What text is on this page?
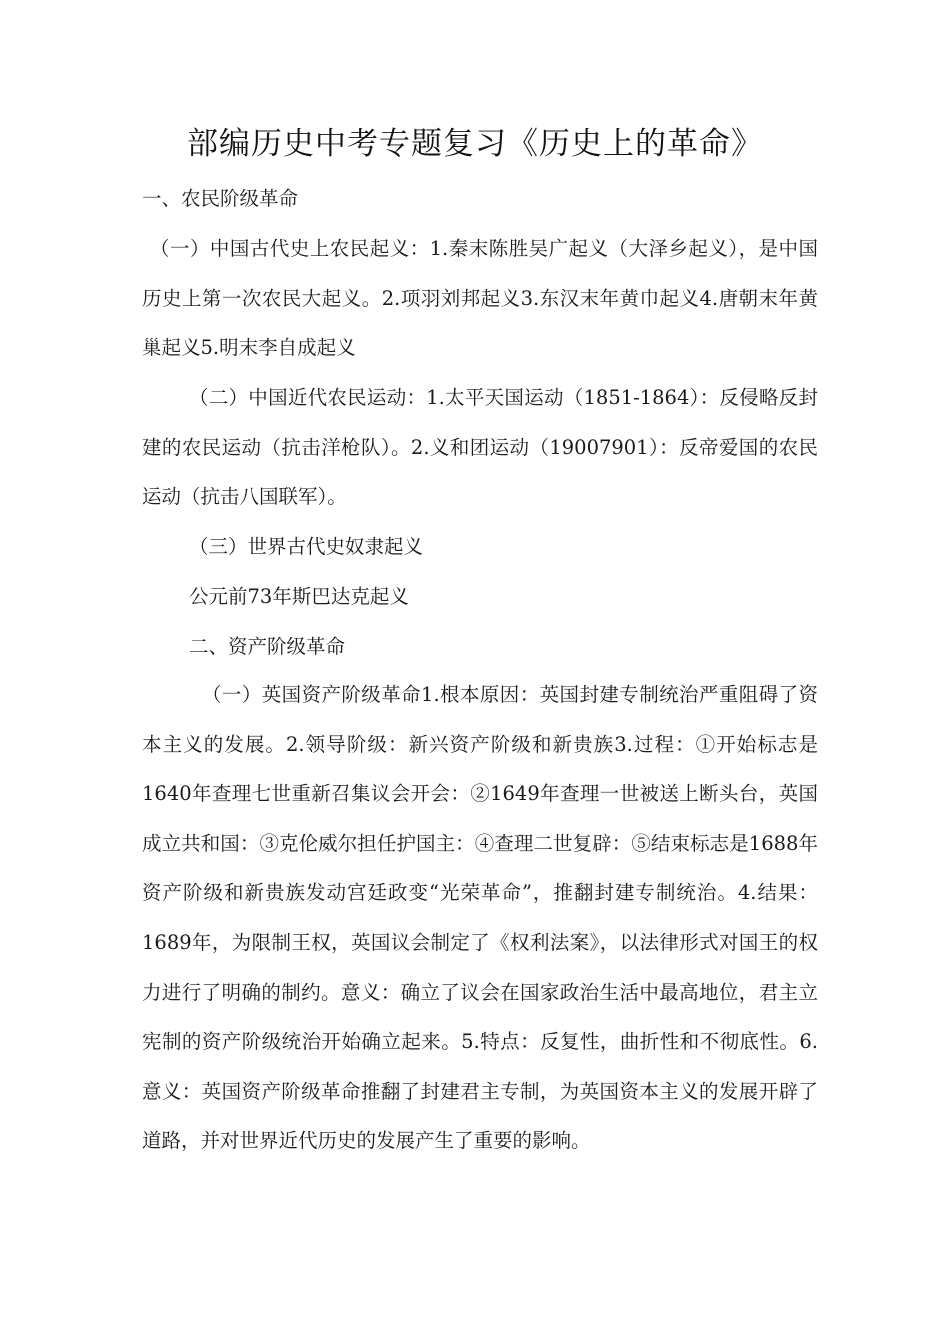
部编历史中考专题复习《历史上的革命》

一、农民阶级革命

（一）中国古代史上农民起义：1.秦末陈胜吴广起义（大泽乡起义），是中国历史上第一次农民大起义。2.项羽刘邦起义3.东汉末年黄巾起义4.唐朝末年黄巢起义5.明末李自成起义

（二）中国近代农民运动：1.太平天国运动（1851-1864）：反侵略反封建的农民运动（抗击洋枪队）。2.义和团运动（19007901）：反帝爱国的农民运动（抗击八国联军）。

（三）世界古代史奴隶起义

公元前73年斯巴达克起义

二、资产阶级革命

（一）英国资产阶级革命1.根本原因：英国封建专制统治严重阻碍了资本主义的发展。2.领导阶级：新兴资产阶级和新贵族3.过程：①开始标志是1640年查理七世重新召集议会开会：②1649年查理一世被送上断头台，英国成立共和国：③克伦威尔担任护国主：④查理二世复辟：⑤结束标志是1688年资产阶级和新贵族发动宫廷政变“光荣革命”，推翻封建专制统治。4.结果：1689年，为限制王权，英国议会制定了《权利法案》，以法律形式对国王的权力进行了明确的制约。意义：确立了议会在国家政治生活中最高地位，君主立宪制的资产阶级统治开始确立起来。5.特点：反复性，曲折性和不彻底性。6.意义：英国资产阶级革命推翻了封建君主专制，为英国资本主义的发展开辟了道路，并对世界近代历史的发展产生了重要的影响。
